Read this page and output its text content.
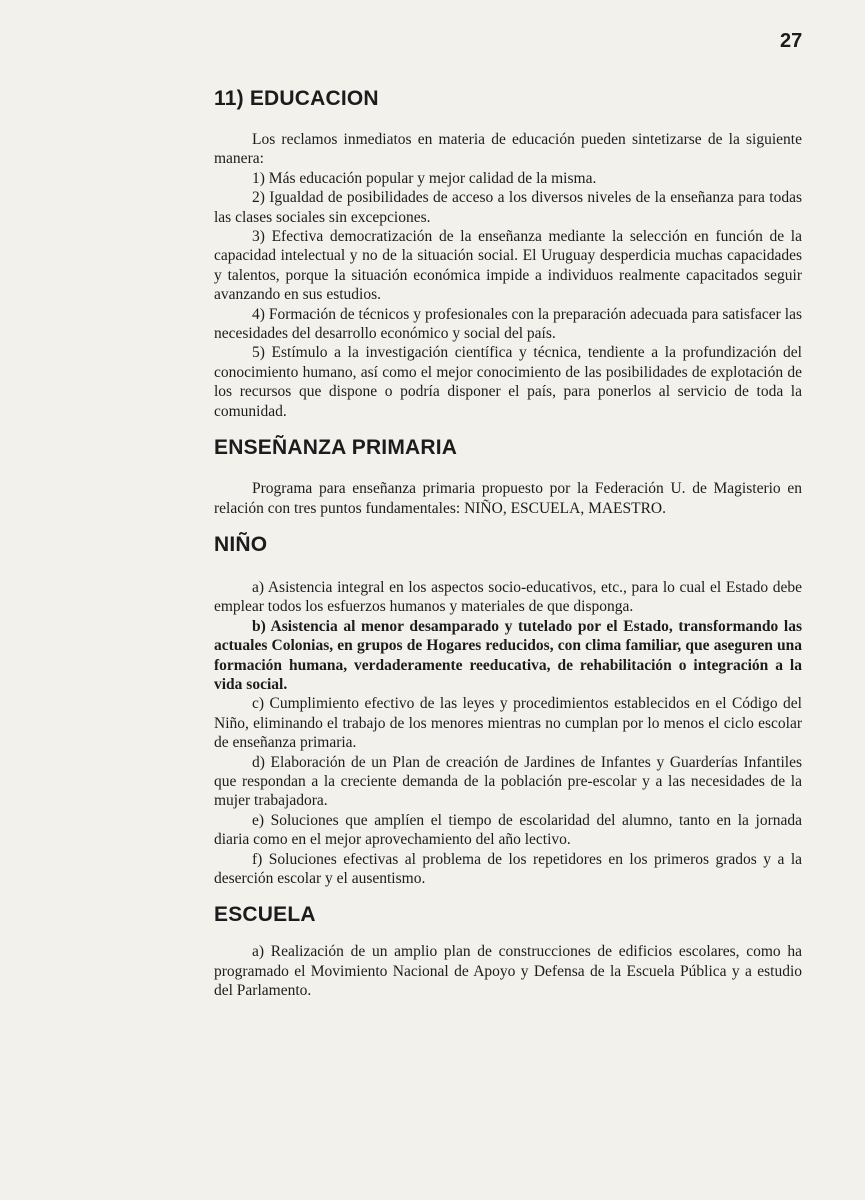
27
11) EDUCACION

Los reclamos inmediatos en materia de educación pueden sintetizarse de la siguiente manera:

1) Más educación popular y mejor calidad de la misma.

2) Igualdad de posibilidades de acceso a los diversos niveles de la enseñanza para todas las clases sociales sin excepciones.

3) Efectiva democratización de la enseñanza mediante la selección en función de la capacidad intelectual y no de la situación social. El Uruguay desperdicia muchas capacidades y talentos, porque la situación económica impide a individuos realmente capacitados seguir avanzando en sus estudios.

4) Formación de técnicos y profesionales con la preparación adecuada para satisfacer las necesidades del desarrollo económico y social del país.

5) Estímulo a la investigación científica y técnica, tendiente a la profundización del conocimiento humano, así como el mejor conocimiento de las posibilidades de explotación de los recursos que dispone o podría disponer el país, para ponerlos al servicio de toda la comunidad.

ENSEÑANZA PRIMARIA

Programa para enseñanza primaria propuesto por la Federación U. de Magisterio en relación con tres puntos fundamentales: NIÑO, ESCUELA, MAESTRO.

NIÑO

a) Asistencia integral en los aspectos socio-educativos, etc., para lo cual el Estado debe emplear todos los esfuerzos humanos y materiales de que disponga.

b) Asistencia al menor desamparado y tutelado por el Estado, transformando las actuales Colonias, en grupos de Hogares reducidos, con clima familiar, que aseguren una formación humana, verdaderamente reeducativa, de rehabilitación o integración a la vida social.

c) Cumplimiento efectivo de las leyes y procedimientos establecidos en el Código del Niño, eliminando el trabajo de los menores mientras no cumplan por lo menos el ciclo escolar de enseñanza primaria.

d) Elaboración de un Plan de creación de Jardines de Infantes y Guarderías Infantiles que respondan a la creciente demanda de la población pre-escolar y a las necesidades de la mujer trabajadora.

e) Soluciones que amplíen el tiempo de escolaridad del alumno, tanto en la jornada diaria como en el mejor aprovechamiento del año lectivo.

f) Soluciones efectivas al problema de los repetidores en los primeros grados y a la deserción escolar y el ausentismo.

ESCUELA

a) Realización de un amplio plan de construcciones de edificios escolares, como ha programado el Movimiento Nacional de Apoyo y Defensa de la Escuela Pública y a estudio del Parlamento.
